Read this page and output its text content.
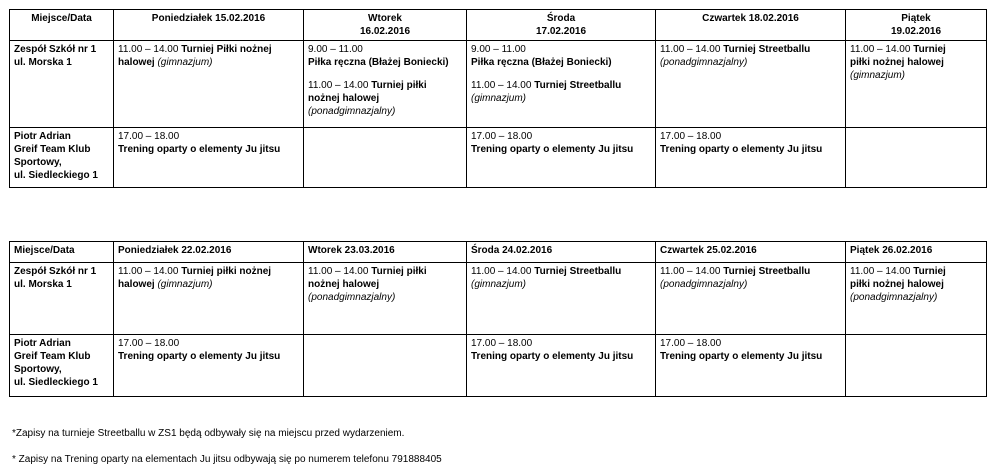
Miejsce/Data	Poniedziałek 15.02.2016	Wtorek
16.02.2016	Środa
17.02.2016	Czwartek 18.02.2016	Piątek
19.02.2016
Zespół Szkół nr 1
ul. Morska 1	11.00 – 14.00 Turniej Piłki nożnej
halowej (gimnazjum)	9.00 – 11.00
Piłka ręczna (Błażej Boniecki)

11.00 – 14.00 Turniej piłki
nożnej halowej
(ponadgimnazjalny)	9.00 – 11.00
Piłka ręczna (Błażej Boniecki)

11.00 – 14.00 Turniej Streetballu
(gimnazjum)	11.00 – 14.00 Turniej Streetballu
(ponadgimnazjalny)	11.00 – 14.00 Turniej
piłki nożnej halowej
(gimnazjum)
Piotr Adrian
Greif Team Klub
Sportowy,
ul. Siedleckiego 1	17.00 – 18.00
Trening oparty o elementy Ju jitsu		17.00 – 18.00
Trening oparty o elementy Ju jitsu	17.00 – 18.00
Trening oparty o elementy Ju jitsu	
Miejsce/Data	Poniedziałek 22.02.2016	Wtorek 23.03.2016	Środa 24.02.2016	Czwartek 25.02.2016	Piątek 26.02.2016
Zespół Szkół nr 1
ul. Morska 1	11.00 – 14.00 Turniej piłki nożnej
halowej (gimnazjum)	11.00 – 14.00 Turniej piłki
nożnej halowej
(ponadgimnazjalny)	11.00 – 14.00 Turniej Streetballu
(gimnazjum)	11.00 – 14.00 Turniej Streetballu
(ponadgimnazjalny)	11.00 – 14.00 Turniej
piłki nożnej halowej
(ponadgimnazjalny)
Piotr Adrian
Greif Team Klub
Sportowy,
ul. Siedleckiego 1	17.00 – 18.00
Trening oparty o elementy Ju jitsu		17.00 – 18.00
Trening oparty o elementy Ju jitsu	17.00 – 18.00
Trening oparty o elementy Ju jitsu	
*Zapisy na turnieje Streetballu w ZS1 będą odbywały się na miejscu przed wydarzeniem.
* Zapisy na Trening oparty na elementach Ju jitsu odbywają się po numerem telefonu 791888405
